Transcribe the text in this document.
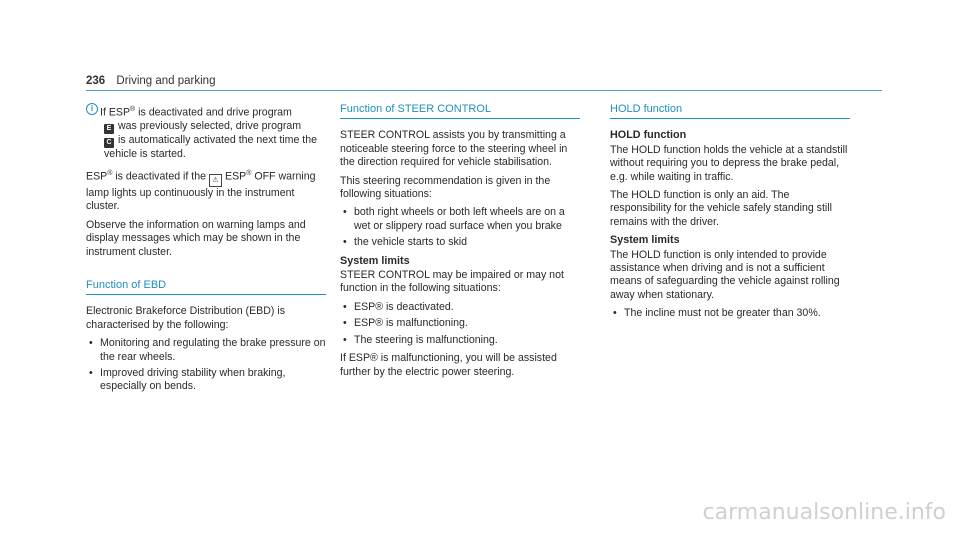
236 Driving and parking
i If ESP® is deactivated and drive program

E was previously selected, drive program

C is automatically activated the next time the vehicle is started.

ESP® is deactivated if the ⚠ ESP® OFF warning lamp lights up continuously in the instrument cluster.

Observe the information on warning lamps and display messages which may be shown in the instrument cluster.

Function of EBD

Electronic Brakeforce Distribution (EBD) is characterised by the following:

• Monitoring and regulating the brake pressure on the rear wheels.
• Improved driving stability when braking, especially on bends.
Function of STEER CONTROL

STEER CONTROL assists you by transmitting a noticeable steering force to the steering wheel in the direction required for vehicle stabilisation.

This steering recommendation is given in the following situations:

• both right wheels or both left wheels are on a wet or slippery road surface when you brake
• the vehicle starts to skid
System limits

STEER CONTROL may be impaired or may not function in the following situations:

• ESP® is deactivated.
• ESP® is malfunctioning.
• The steering is malfunctioning.

If ESP® is malfunctioning, you will be assisted further by the electric power steering.

HOLD function
HOLD function

The HOLD function holds the vehicle at a standstill without requiring you to depress the brake pedal, e.g. while waiting in traffic.

The HOLD function is only an aid. The responsibility for the vehicle safely standing still remains with the driver.

System limits

The HOLD function is only intended to provide assistance when driving and is not a sufficient means of safeguarding the vehicle against rolling away when stationary.

• The incline must not be greater than 30%.
carmanualsonline.info
